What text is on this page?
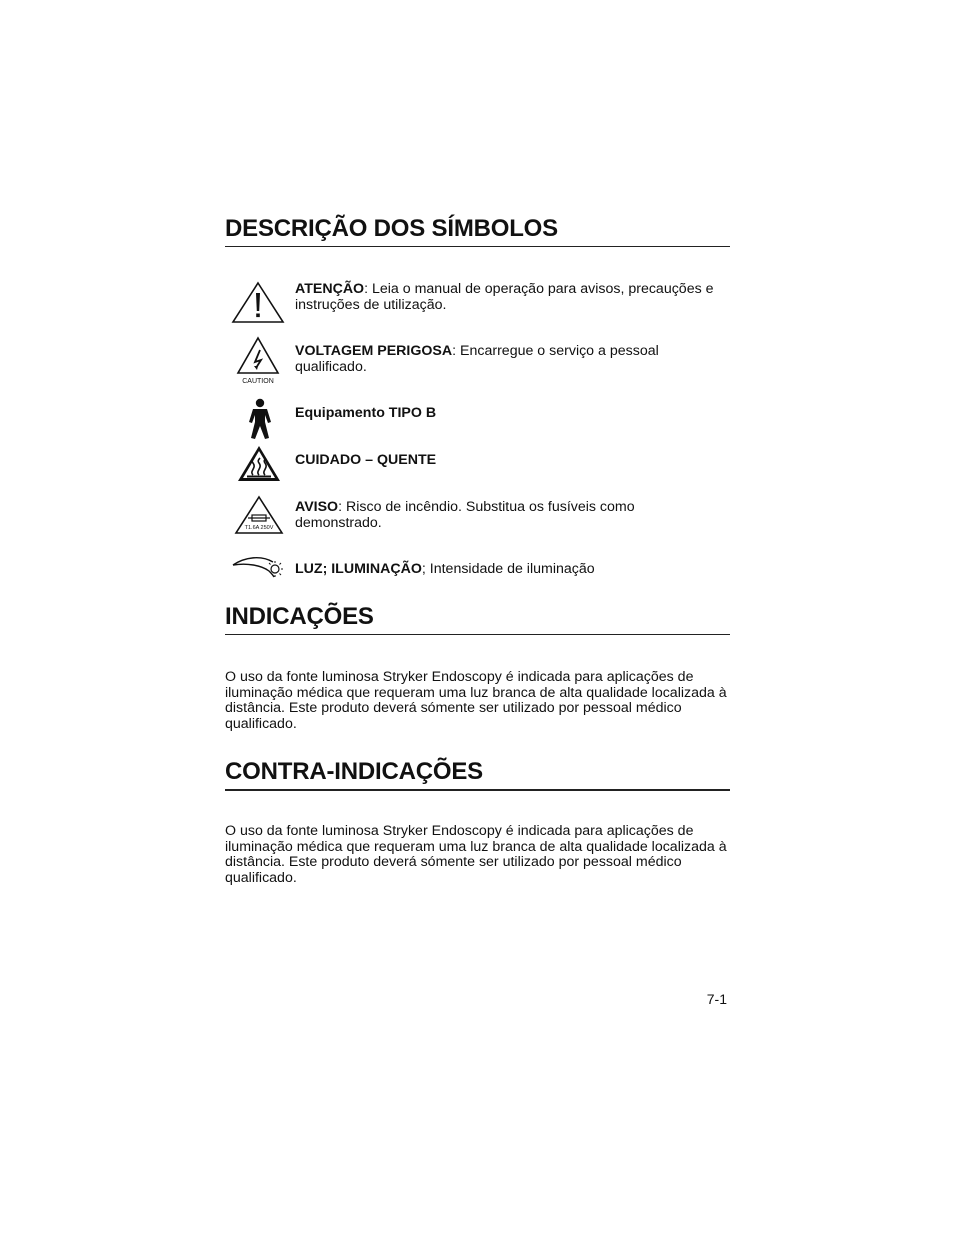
DESCRIÇÃO DOS SÍMBOLOS
ATENÇÃO: Leia o manual de operação para avisos, precauções e instruções de utilização.
CAUTION
VOLTAGEM PERIGOSA: Encarregue o serviço a pessoal qualificado.
Equipamento TIPO B
CUIDADO – QUENTE
T1.6A 250V
AVISO: Risco de incêndio. Substitua os fusíveis como demonstrado.
LUZ; ILUMINAÇÃO; Intensidade de iluminação
INDICAÇÕES

O uso da fonte luminosa Stryker Endoscopy é indicada para aplicações de iluminação médica que requeram uma luz branca de alta qualidade localizada à distância. Este produto deverá sómente ser utilizado por pessoal médico qualificado.

CONTRA-INDICAÇÕES

O uso da fonte luminosa Stryker Endoscopy é indicada para aplicações de iluminação médica que requeram uma luz branca de alta qualidade localizada à distância. Este produto deverá sómente ser utilizado por pessoal médico qualificado.

7-1
